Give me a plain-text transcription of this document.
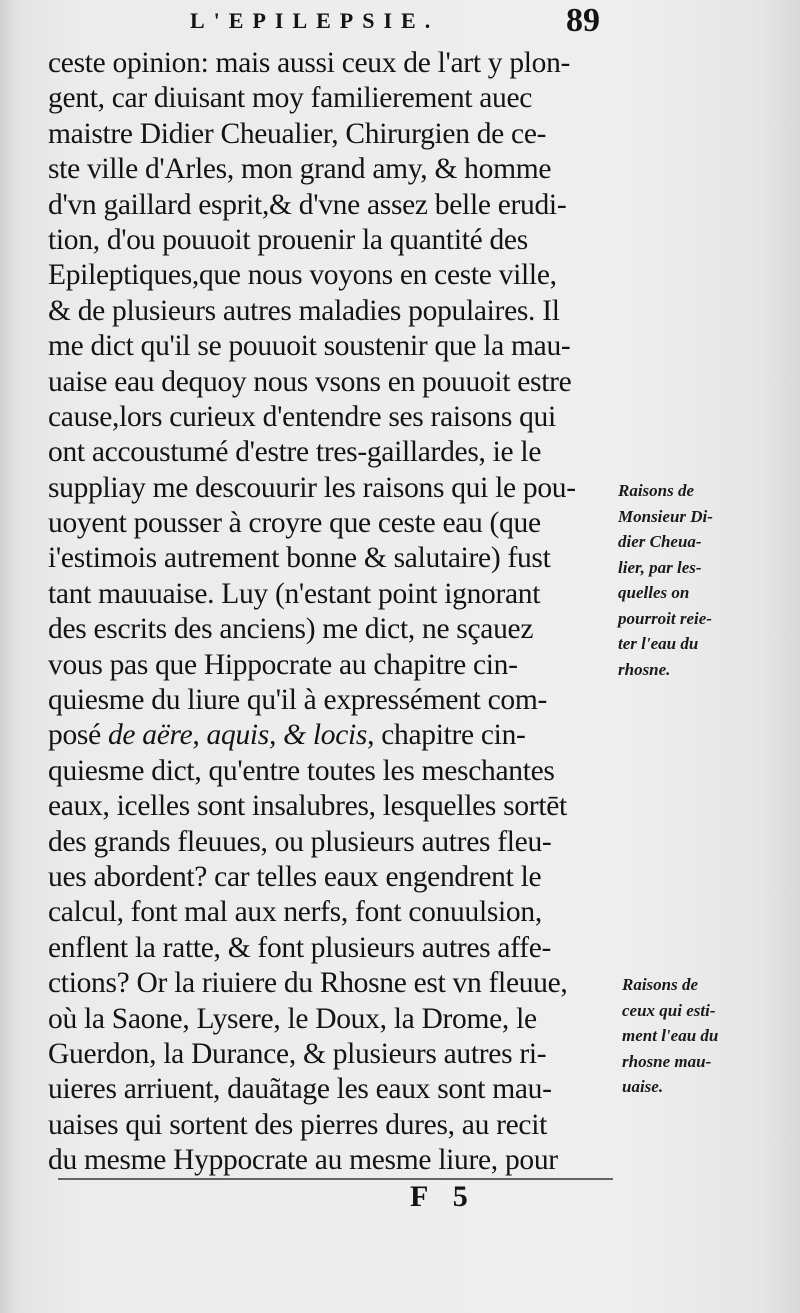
L'EPILEPSIE.	89
ceste opinion: mais aussi ceux de l'art y plon-
gent, car diuisant moy familierement auec
maistre Didier Cheualier, Chirurgien de ce-
ste ville d'Arles, mon grand amy, & homme
d'vn gaillard esprit,& d'vne assez belle erudi-
tion, d'ou pouuoit prouenir la quantité des
Epileptiques,que nous voyons en ceste ville,
& de plusieurs autres maladies populaires. Il
me dict qu'il se pouuoit soustenir que la mau-
uaise eau dequoy nous vsons en pouuoit estre
cause,lors curieux d'entendre ses raisons qui
ont accoustumé d'estre tres-gaillardes, ie le
suppliay me descouurir les raisons qui le pou-
uoyent pousser à croyre que ceste eau (que
i'estimois autrement bonne & salutaire) fust
tant mauuaise. Luy (n'estant point ignorant
des escrits des anciens) me dict, ne sçauez
vous pas que Hippocrate au chapitre cin-
quiesme du liure qu'il à expressément com-
posé de aëre, aquis, & locis, chapitre cin-
quiesme dict, qu'entre toutes les meschantes
eaux, icelles sont insalubres, lesquelles sortēt
des grands fleuues, ou plusieurs autres fleu-
ues abordent? car telles eaux engendrent le
calcul, font mal aux nerfs, font conuulsion,
enflent la ratte, & font plusieurs autres affe-
ctions? Or la riuiere du Rhosne est vn fleuue,
où la Saone, Lysere, le Doux, la Drome, le
Guerdon, la Durance, & plusieurs autres ri-
uieres arriuent, dauãtage les eaux sont mau-
uaises qui sortent des pierres dures, au recit
du mesme Hyppocrate au mesme liure, pour
F 5
Raisons de
Monsieur Di-
dier Cheua-
lier, par les-
quelles on
pourroit reie-
ter l'eau du
rhosne.
Raisons de
ceux qui esti-
ment l'eau du
rhosne mau-
uaise.
